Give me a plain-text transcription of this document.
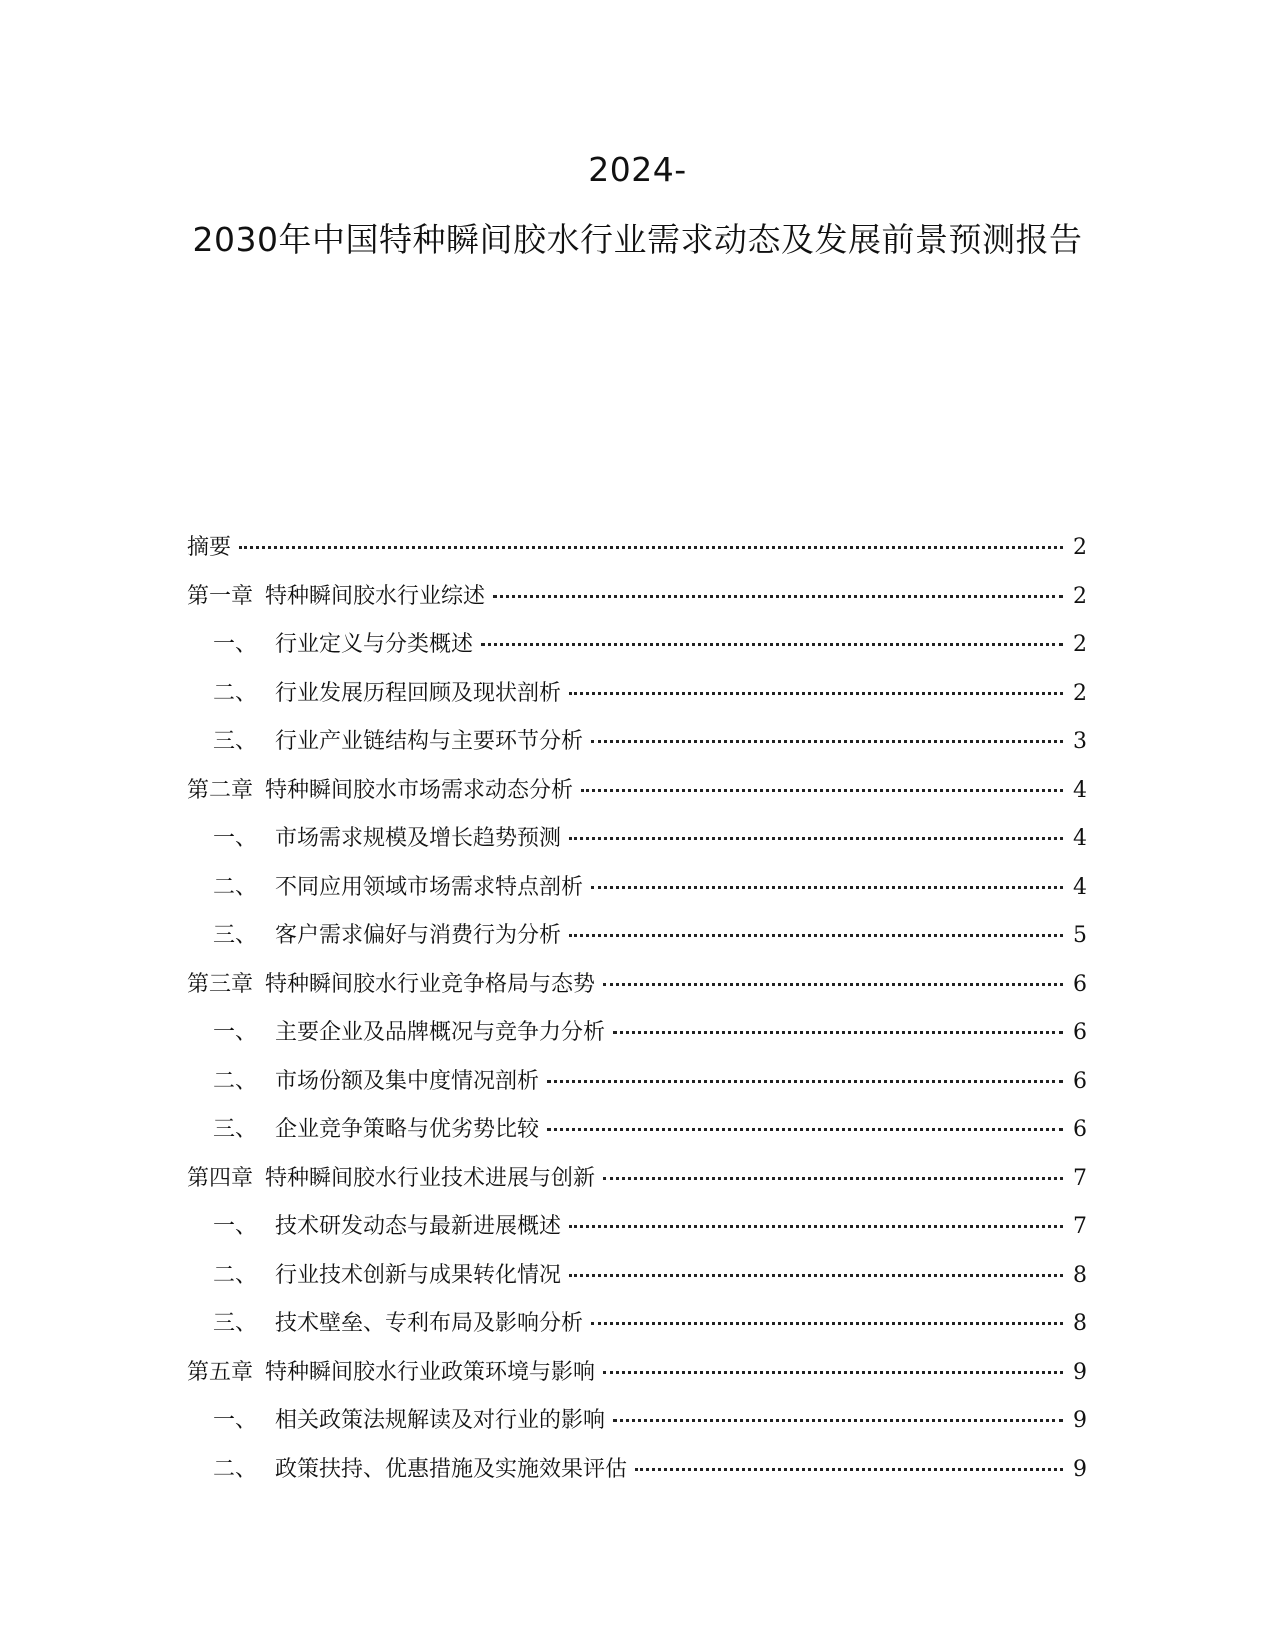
2024-
2030年中国特种瞬间胶水行业需求动态及发展前景预测报告
摘要	2
第一章 特种瞬间胶水行业综述	2
一、 行业定义与分类概述	2
二、 行业发展历程回顾及现状剖析	2
三、 行业产业链结构与主要环节分析	3
第二章 特种瞬间胶水市场需求动态分析	4
一、 市场需求规模及增长趋势预测	4
二、 不同应用领域市场需求特点剖析	4
三、 客户需求偏好与消费行为分析	5
第三章 特种瞬间胶水行业竞争格局与态势	6
一、 主要企业及品牌概况与竞争力分析	6
二、 市场份额及集中度情况剖析	6
三、 企业竞争策略与优劣势比较	6
第四章 特种瞬间胶水行业技术进展与创新	7
一、 技术研发动态与最新进展概述	7
二、 行业技术创新与成果转化情况	8
三、 技术壁垒、专利布局及影响分析	8
第五章 特种瞬间胶水行业政策环境与影响	9
一、 相关政策法规解读及对行业的影响	9
二、 政策扶持、优惠措施及实施效果评估	9
